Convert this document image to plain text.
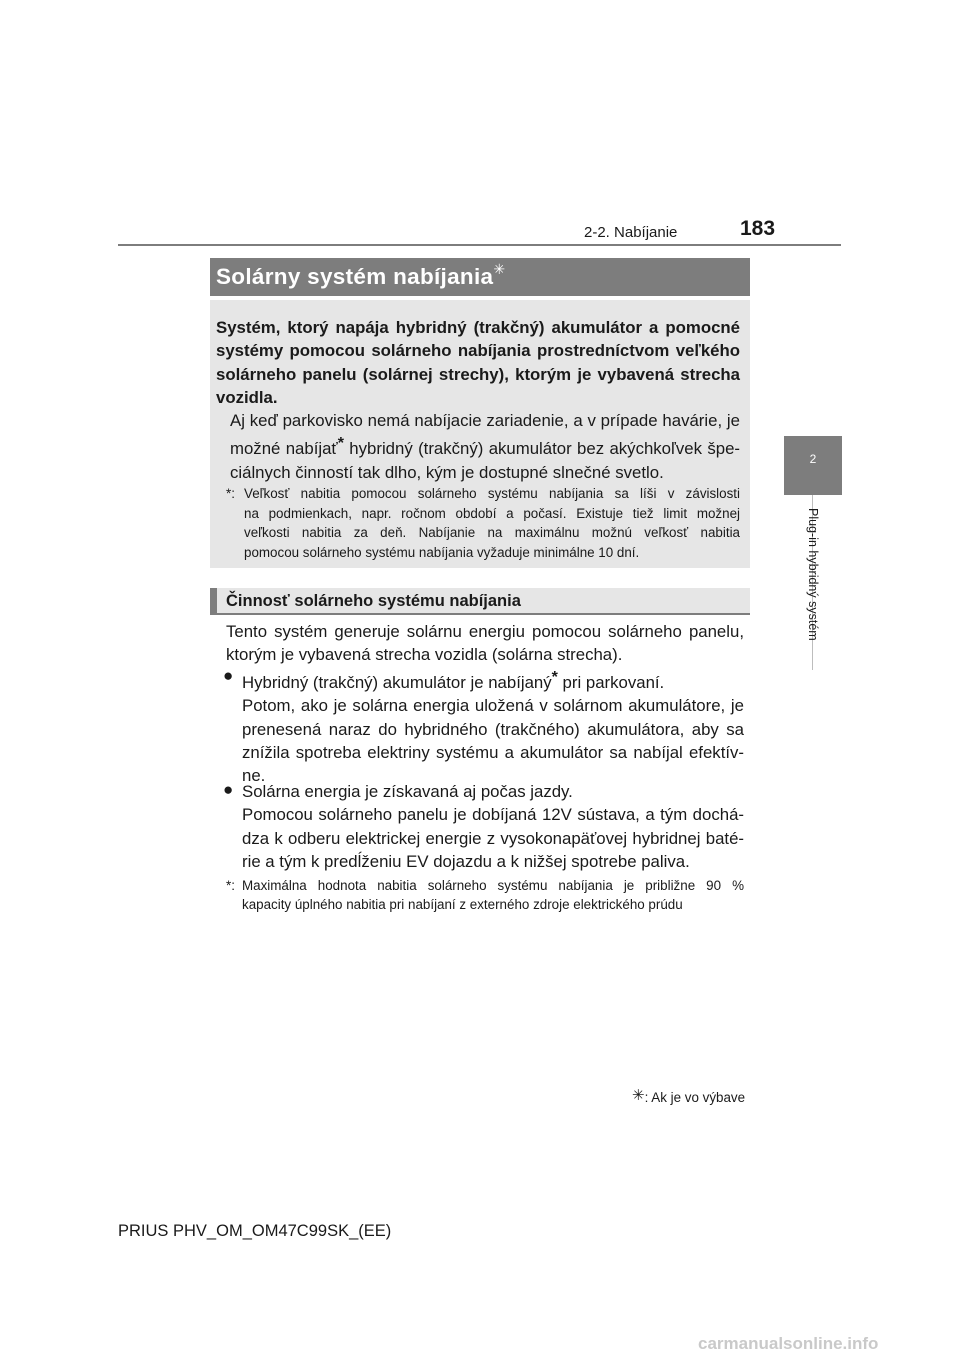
2-2. Nabíjanie	183
2
Plug-in hybridný systém
Solárny systém nabíjania✳
Systém, ktorý napája hybridný (trakčný) akumulátor a pomocné
systémy pomocou solárneho nabíjania prostredníctvom veľkého
solárneho panelu (solárnej strechy), ktorým je vybavená strecha
vozidla.
Aj keď parkovisko nemá nabíjacie zariadenie, a v prípade havárie, je
možné nabíjať* hybridný (trakčný) akumulátor bez akýchkoľvek špe-
ciálnych činností tak dlho, kým je dostupné slnečné svetlo.
*: Veľkosť nabitia pomocou solárneho systému nabíjania sa líši v závislosti
na podmienkach, napr. ročnom období a počasí. Existuje tiež limit možnej
veľkosti nabitia za deň. Nabíjanie na maximálnu možnú veľkosť nabitia
pomocou solárneho systému nabíjania vyžaduje minimálne 10 dní.
Činnosť solárneho systému nabíjania
Tento systém generuje solárnu energiu pomocou solárneho panelu,
ktorým je vybavená strecha vozidla (solárna strecha).
● Hybridný (trakčný) akumulátor je nabíjaný* pri parkovaní.
Potom, ako je solárna energia uložená v solárnom akumulátore, je
prenesená naraz do hybridného (trakčného) akumulátora, aby sa
znížila spotreba elektriny systému a akumulátor sa nabíjal efektív-
ne.
● Solárna energia je získavaná aj počas jazdy.
Pomocou solárneho panelu je dobíjaná 12V sústava, a tým dochá-
dza k odberu elektrickej energie z vysokonapäťovej hybridnej baté-
rie a tým k predĺženiu EV dojazdu a k nižšej spotrebe paliva.
*: Maximálna hodnota nabitia solárneho systému nabíjania je približne 90 %
kapacity úplného nabitia pri nabíjaní z externého zdroje elektrického prúdu
✳: Ak je vo výbave
PRIUS PHV_OM_OM47C99SK_(EE)
carmanualsonline.info
